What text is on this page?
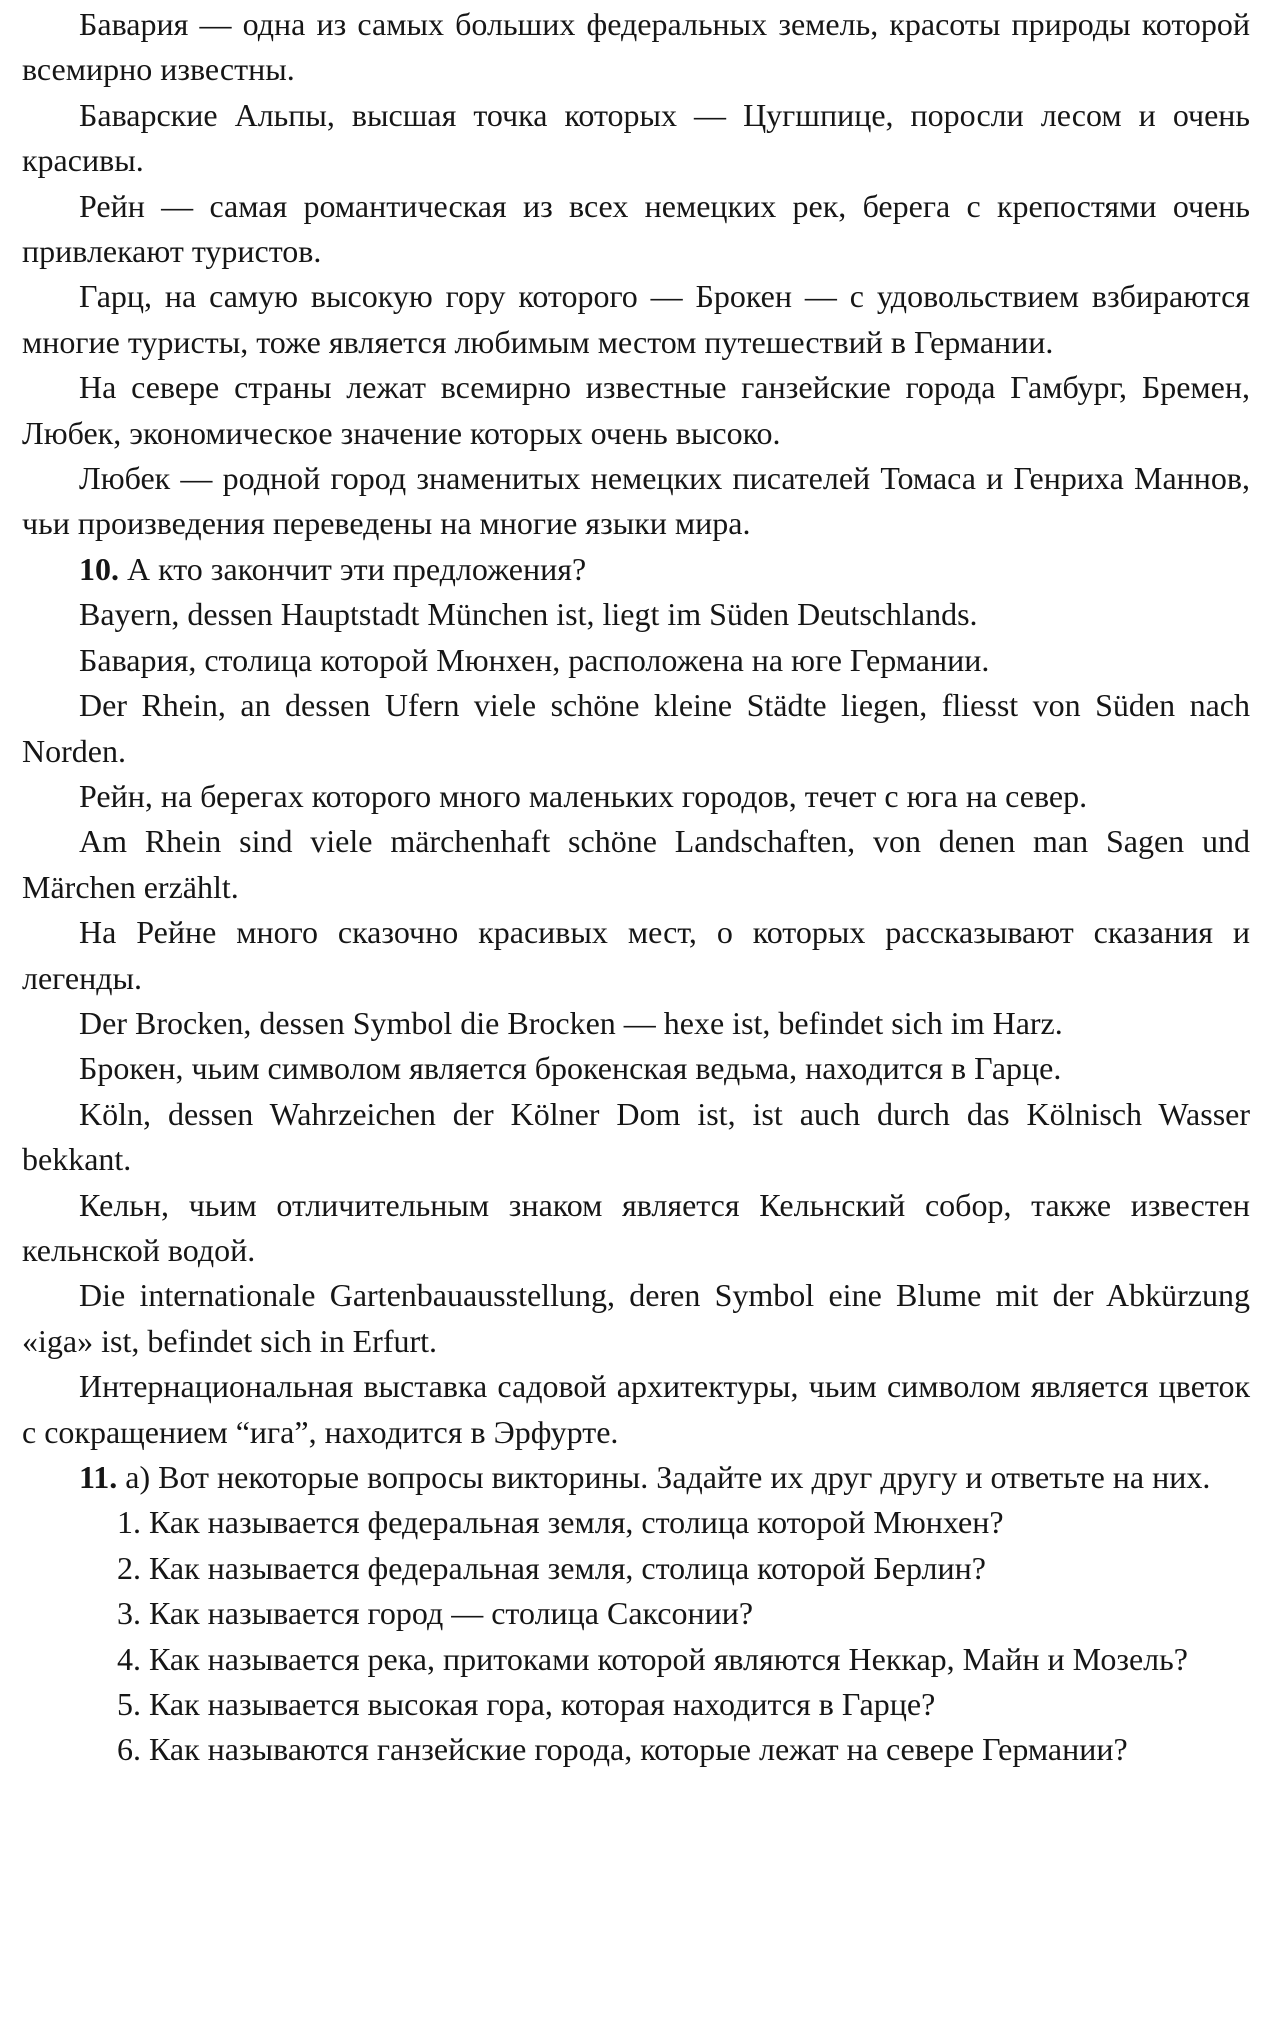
Бавария — одна из самых больших федеральных земель, красоты природы которой всемирно известны.

Баварские Альпы, высшая точка которых — Цугшпице, поросли лесом и очень красивы.

Рейн — самая романтическая из всех немецких рек, берега с крепостями очень привлекают туристов.

Гарц, на самую высокую гору которого — Брокен — с удовольствием взбираются многие туристы, тоже является любимым местом путешествий в Германии.

На севере страны лежат всемирно известные ганзейские города Гамбург, Бремен, Любек, экономическое значение которых очень высоко.

Любек — родной город знаменитых немецких писателей Томаса и Генриха Маннов, чьи произведения переведены на многие языки мира.

10. А кто закончит эти предложения?

Bayern, dessen Hauptstadt München ist, liegt im Süden Deutschlands.

Бавария, столица которой Мюнхен, расположена на юге Германии.

Der Rhein, an dessen Ufern viele schöne kleine Städte liegen, fliesst von Süden nach Norden.

Рейн, на берегах которого много маленьких городов, течет с юга на север.

Am Rhein sind viele märchenhaft schöne Landschaften, von denen man Sagen und Märchen erzählt.

На Рейне много сказочно красивых мест, о которых рассказывают сказания и легенды.

Der Brocken, dessen Symbol die Brocken — hexe ist, befindet sich im Harz.

Брокен, чьим символом является брокенская ведьма, находится в Гарце.

Köln, dessen Wahrzeichen der Kölner Dom ist, ist auch durch das Kölnisch Wasser bekkant.

Кельн, чьим отличительным знаком является Кельнский собор, также известен кельнской водой.

Die internationale Gartenbauausstellung, deren Symbol eine Blume mit der Abkürzung «iga» ist, befindet sich in Erfurt.

Интернациональная выставка садовой архитектуры, чьим символом является цветок с сокращением “ига”, находится в Эрфурте.

11. а) Вот некоторые вопросы викторины. Задайте их друг другу и ответьте на них.

1. Как называется федеральная земля, столица которой Мюнхен?

2. Как называется федеральная земля, столица которой Берлин?

3. Как называется город — столица Саксонии?

4. Как называется река, притоками которой являются Неккар, Майн и Мозель?

5. Как называется высокая гора, которая находится в Гарце?

6. Как называются ганзейские города, которые лежат на севере Германии?
